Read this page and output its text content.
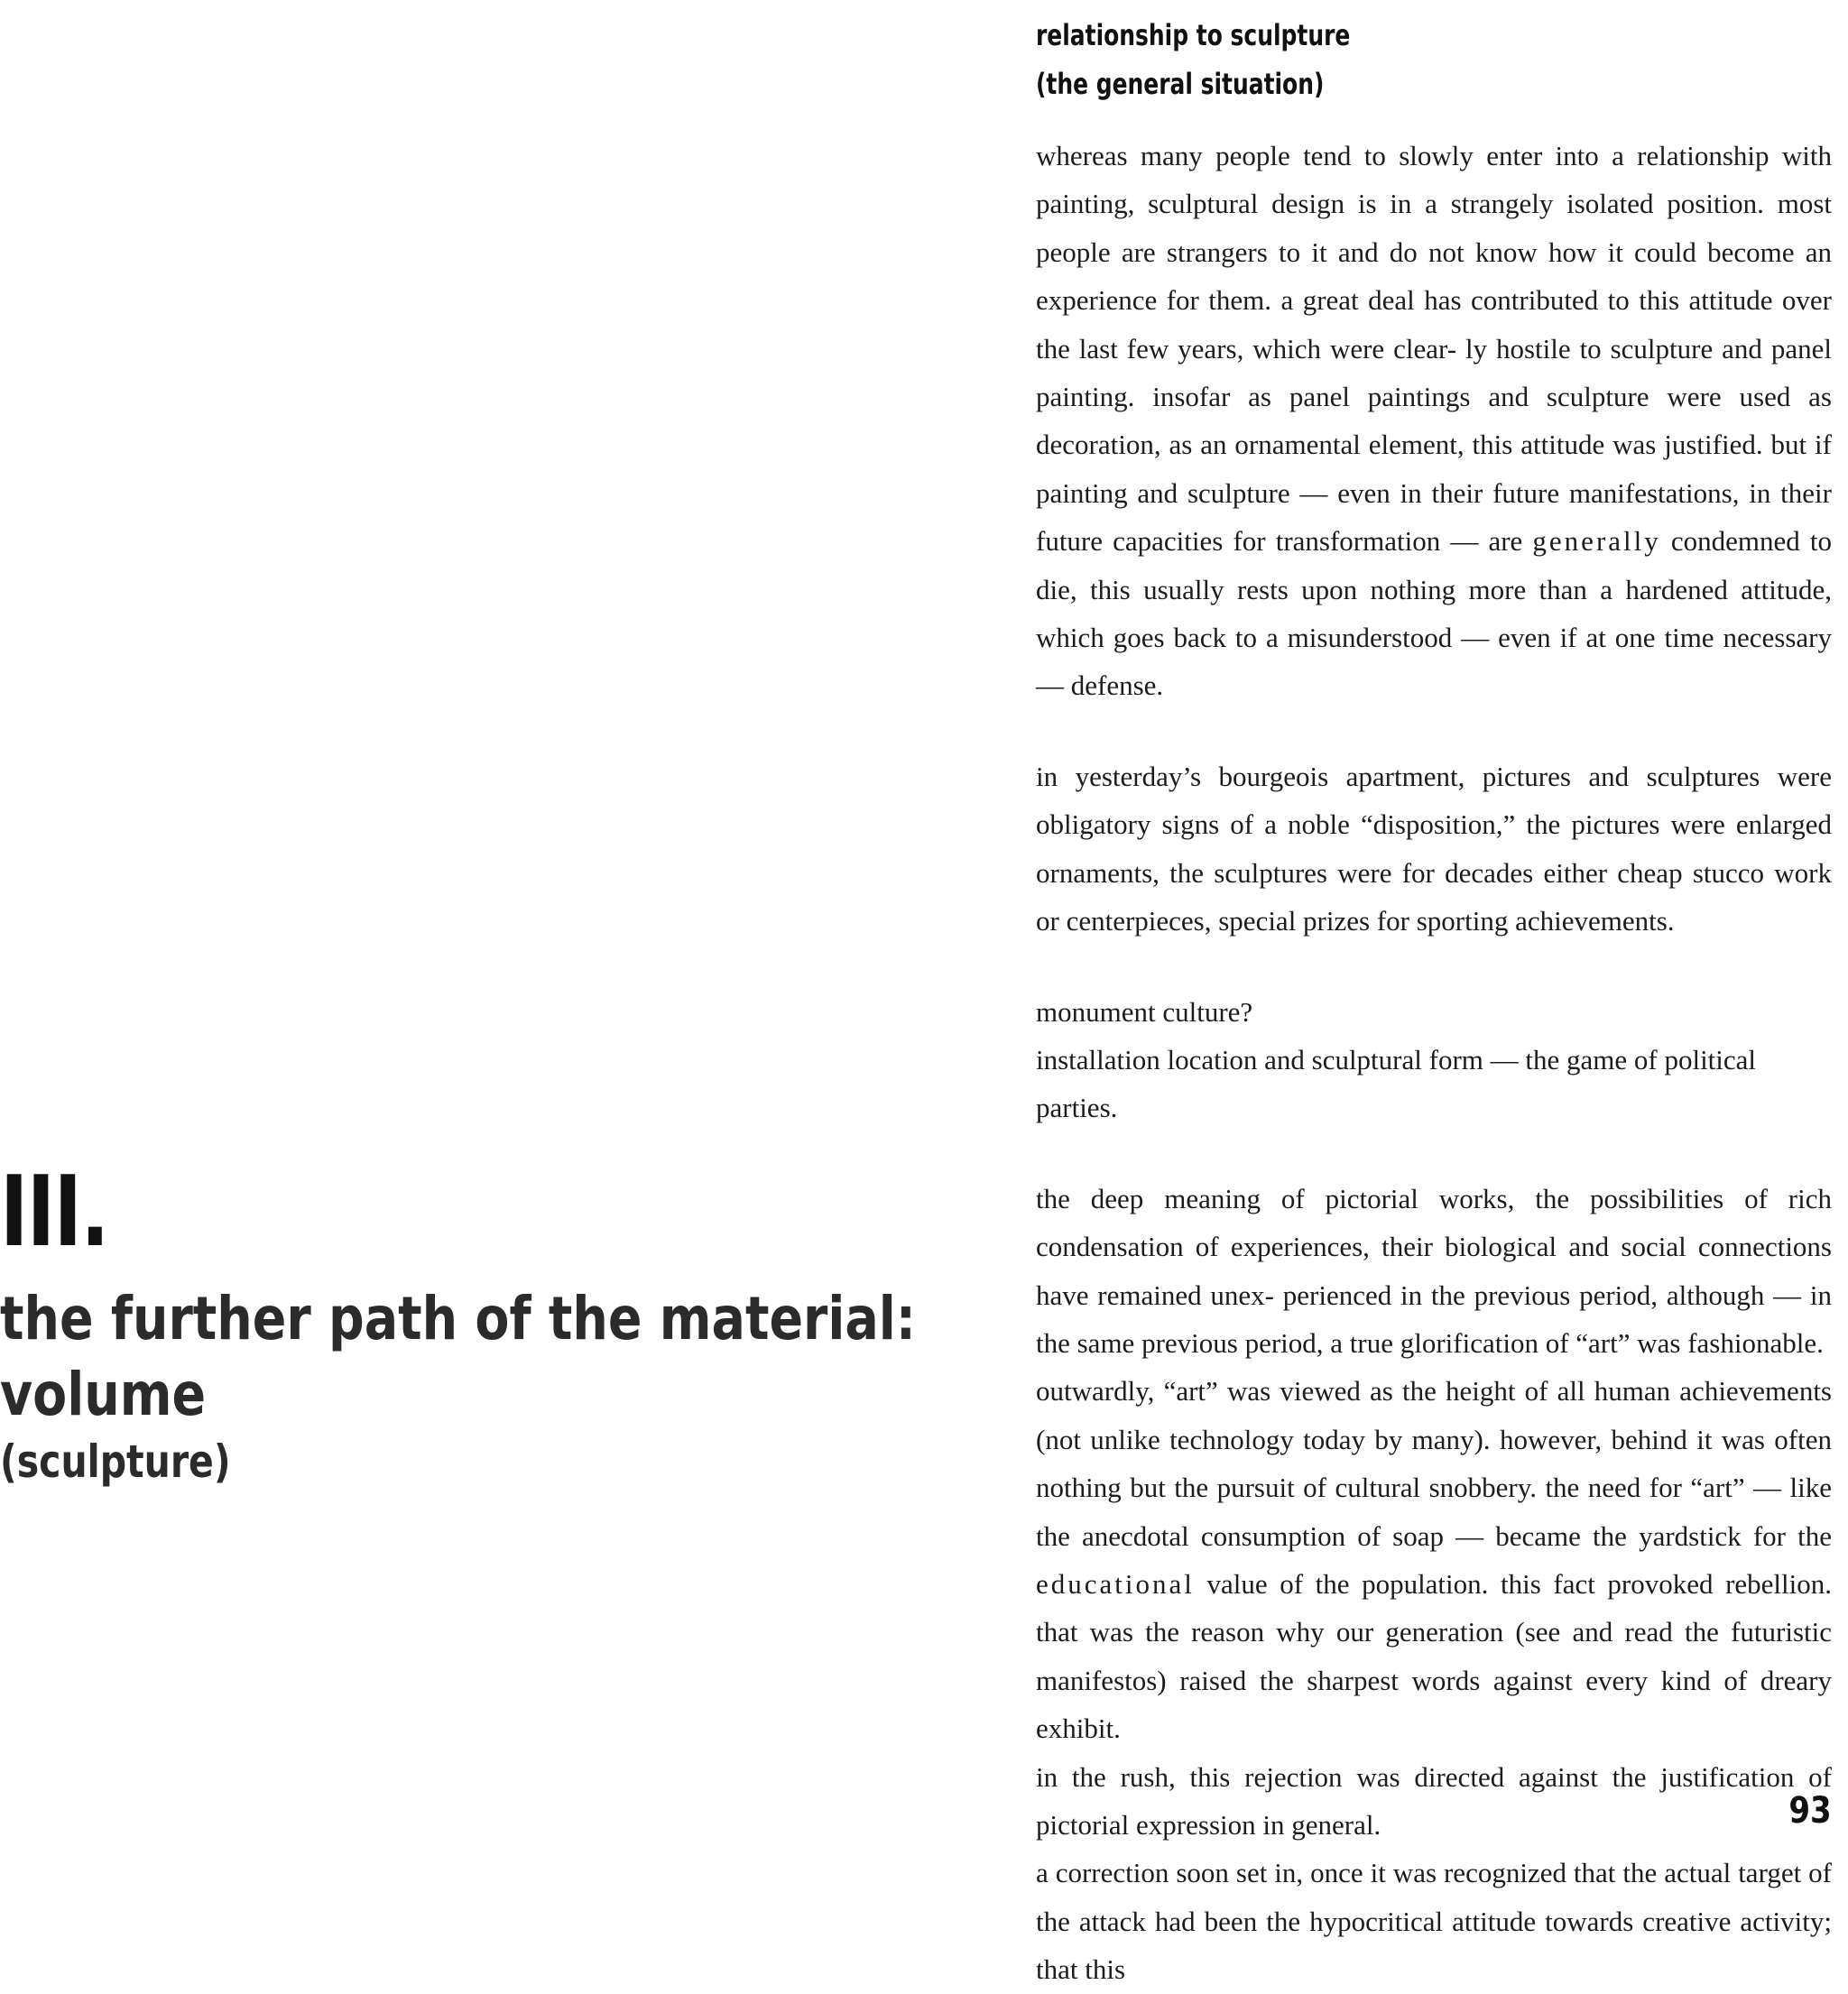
III.
the further path of the material:
volume
(sculpture)
relationship to sculpture
(the general situation)

whereas many people tend to slowly enter into a relationship with painting, sculptural design is in a strangely isolated position. most people are strangers to it and do not know how it could become an experience for them. a great deal has contributed to this attitude over the last few years, which were clear- ly hostile to sculpture and panel painting. insofar as panel paintings and sculpture were used as decoration, as an ornamental element, this attitude was justified. but if painting and sculpture — even in their future manifestations, in their future capacities for transformation — are generally condemned to die, this usually rests upon nothing more than a hardened attitude, which goes back to a misunderstood — even if at one time necessary — defense.

in yesterday’s bourgeois apartment, pictures and sculptures were obligatory signs of a noble “disposition,” the pictures were enlarged ornaments, the sculptures were for decades either cheap stucco work or centerpieces, special prizes for sporting achievements.

monument culture?
installation location and sculptural form — the game of political parties.

the deep meaning of pictorial works, the possibilities of rich condensation of experiences, their biological and social connections have remained unex- perienced in the previous period, although — in the same previous period, a true glorification of “art” was fashionable.

outwardly, “art” was viewed as the height of all human achievements (not unlike technology today by many). however, behind it was often nothing but the pursuit of cultural snobbery. the need for “art” — like the anecdotal consumption of soap — became the yardstick for the educational value of the population. this fact provoked rebellion. that was the reason why our generation (see and read the futuristic manifestos) raised the sharpest words against every kind of dreary exhibit.

in the rush, this rejection was directed against the justification of pictorial expression in general.

a correction soon set in, once it was recognized that the actual target of the attack had been the hypocritical attitude towards creative activity; that this

93
